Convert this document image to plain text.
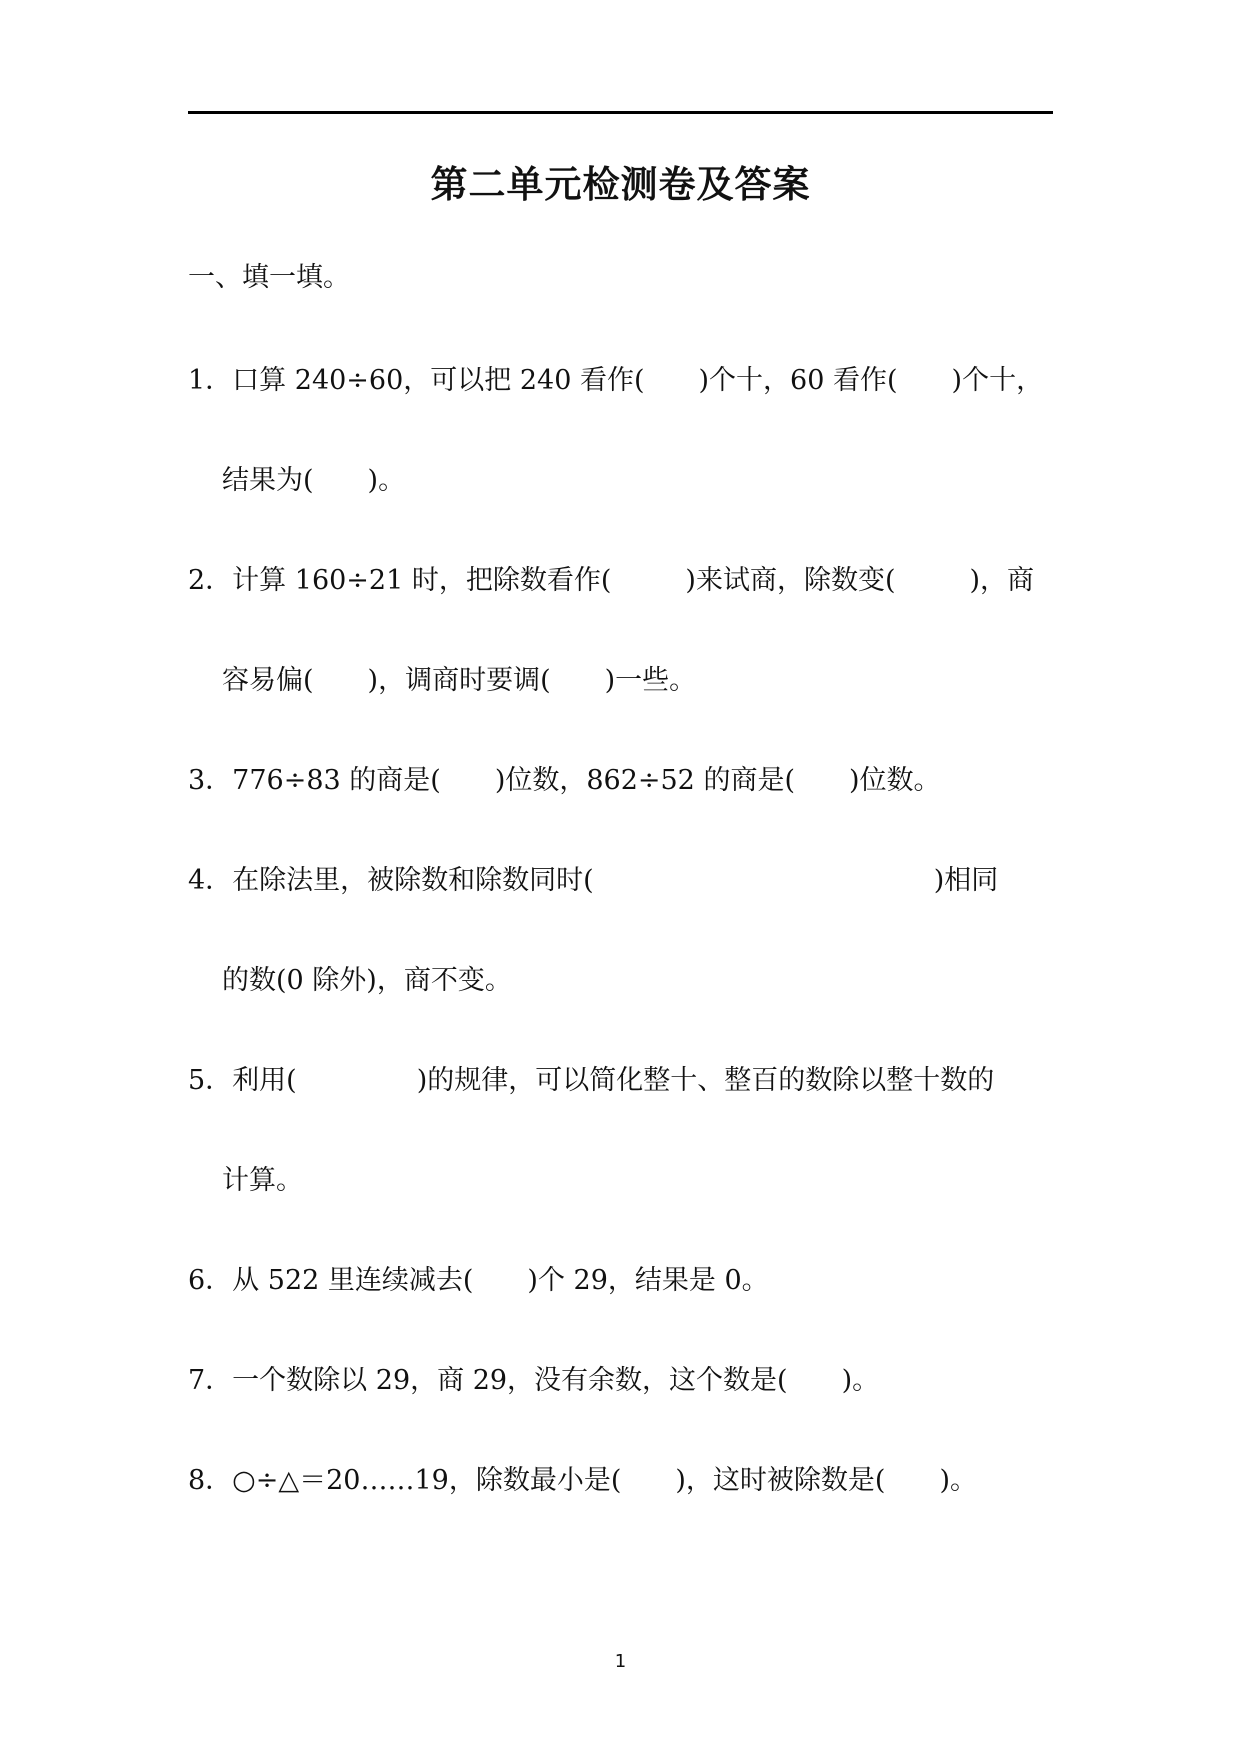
第二单元检测卷及答案
一、填一填。
1．口算 240÷60，可以把 240 看作( )个十，60 看作( )个十，
结果为( )。
2．计算 160÷21 时，把除数看作(	)来试商，除数变(	)，商
容易偏( )，调商时要调( )一些。
3．776÷83 的商是( )位数，862÷52 的商是( )位数。
4．在除法里，被除数和除数同时(	)相同
的数(0 除外)，商不变。
5．利用(	)的规律，可以简化整十、整百的数除以整十数的
计算。
6．从 522 里连续减去( )个 29，结果是 0。
7．一个数除以 29，商 29，没有余数，这个数是( )。
8．○÷△＝20……19，除数最小是( )，这时被除数是( )。
1
